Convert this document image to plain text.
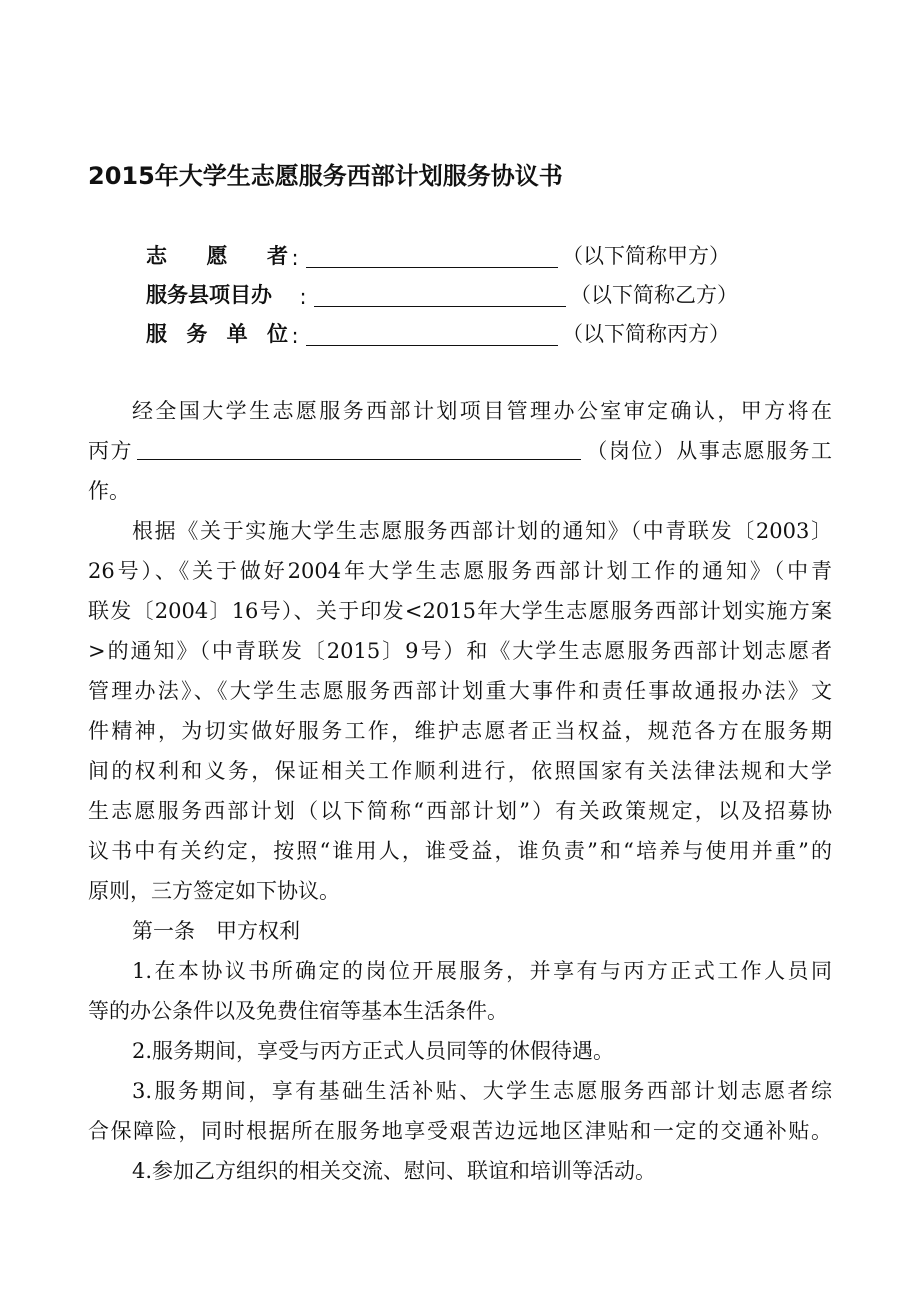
2015年大学生志愿服务西部计划服务协议书
志 愿 者 :	（以下简称甲方）
服务县项目办	:	（以下简称乙方）
服 务 单 位 :	（以下简称丙方）
经全国大学生志愿服务西部计划项目管理办公室审定确认，甲方将在
丙方	（岗位）从事志愿服务工
作。
根据《关于实施大学生志愿服务西部计划的通知》（中青联发〔2003〕
26号）、《关于做好2004年大学生志愿服务西部计划工作的通知》（中青
联发〔2004〕16号）、关于印发<2015年大学生志愿服务西部计划实施方案
>的通知》（中青联发〔2015〕9号）和《大学生志愿服务西部计划志愿者
管理办法》、《大学生志愿服务西部计划重大事件和责任事故通报办法》文
件精神，为切实做好服务工作，维护志愿者正当权益，规范各方在服务期
间的权利和义务，保证相关工作顺利进行，依照国家有关法律法规和大学
生志愿服务西部计划（以下简称“西部计划”）有关政策规定，以及招募协
议书中有关约定，按照“谁用人，谁受益，谁负责”和“培养与使用并重”的
原则，三方签定如下协议。
第一条　甲方权利
1.在本协议书所确定的岗位开展服务，并享有与丙方正式工作人员同
等的办公条件以及免费住宿等基本生活条件。
2.服务期间，享受与丙方正式人员同等的休假待遇。
3.服务期间，享有基础生活补贴、大学生志愿服务西部计划志愿者综
合保障险，同时根据所在服务地享受艰苦边远地区津贴和一定的交通补贴。
4.参加乙方组织的相关交流、慰问、联谊和培训等活动。
